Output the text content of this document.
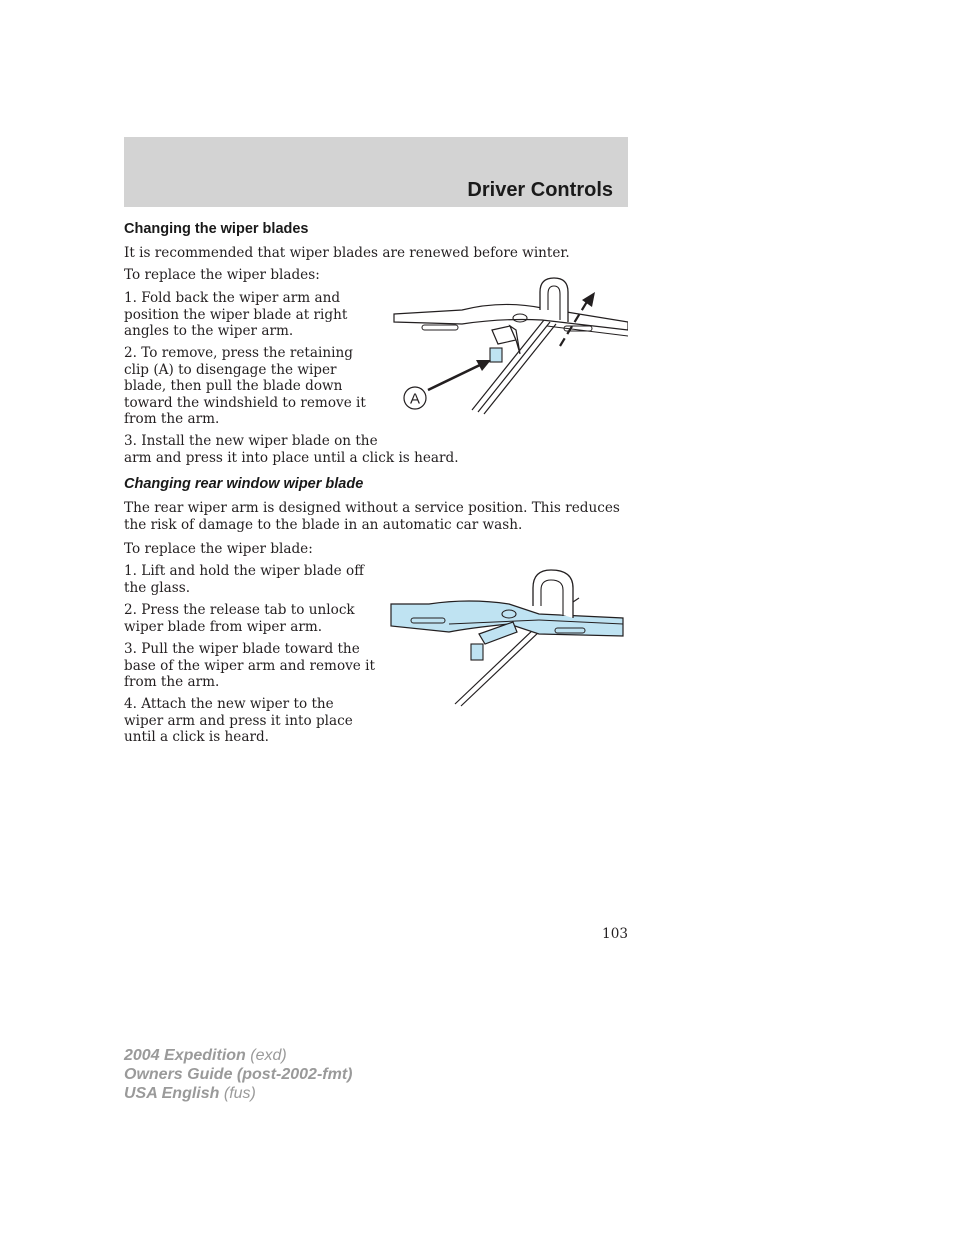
Driver Controls
Changing the wiper blades

It is recommended that wiper blades are renewed before winter.

To replace the wiper blades:

1. Fold back the wiper arm and
position the wiper blade at right
angles to the wiper arm.

2. To remove, press the retaining
clip (A) to disengage the wiper
blade, then pull the blade down
toward the windshield to remove it
from the arm.

3. Install the new wiper blade on the
arm and press it into place until a click is heard.

A
Changing rear window wiper blade

The rear wiper arm is designed without a service position. This reduces
the risk of damage to the blade in an automatic car wash.

To replace the wiper blade:

1. Lift and hold the wiper blade off
the glass.

2. Press the release tab to unlock
wiper blade from wiper arm.

3. Pull the wiper blade toward the
base of the wiper arm and remove it
from the arm.

4. Attach the new wiper to the
wiper arm and press it into place
until a click is heard.

103
2004 Expedition (exd)
Owners Guide (post-2002-fmt)
USA English (fus)
